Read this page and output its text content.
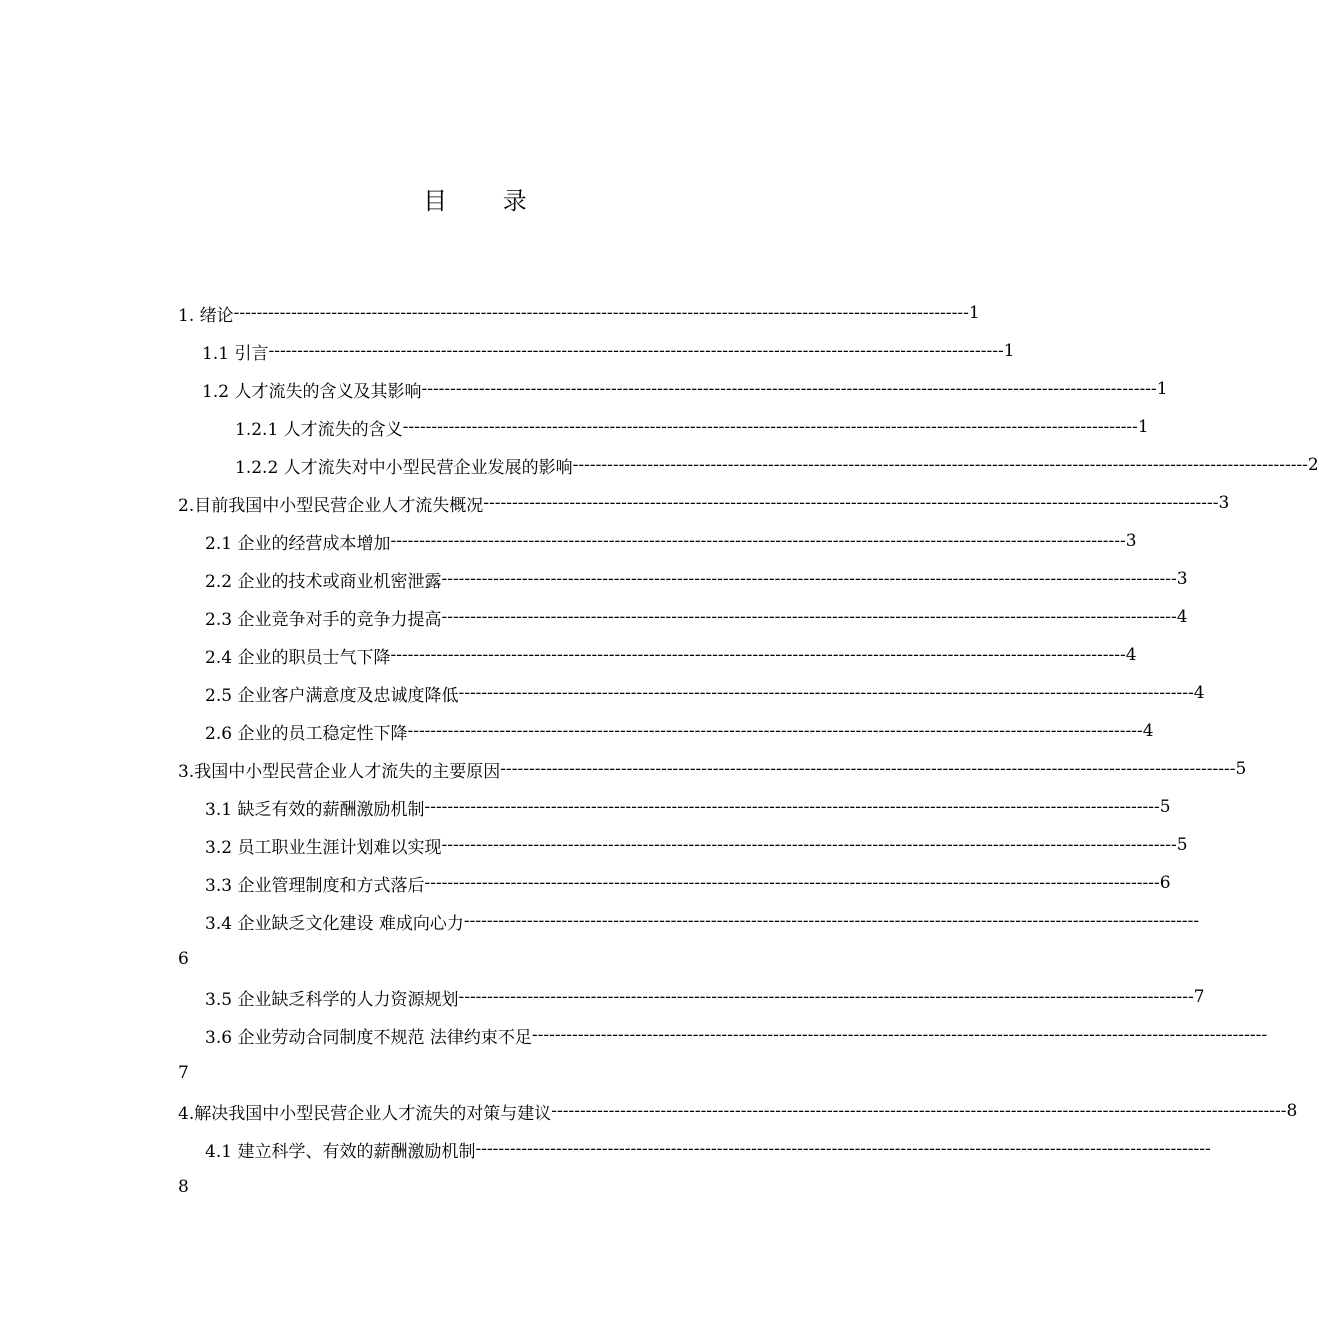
目 录
1. 绪论 -------------------------------------------------------------------------------------------------------------------------------- 1
1.1 引言 -------------------------------------------------------------------------------------------------------------------------------- 1
1.2 人才流失的含义及其影响 -------------------------------------------------------------------------------------------------------------------------------- 1
1.2.1 人才流失的含义 -------------------------------------------------------------------------------------------------------------------------------- 1
1.2.2 人才流失对中小型民营企业发展的影响 -------------------------------------------------------------------------------------------------------------------------------- 2
2.目前我国中小型民营企业人才流失概况 -------------------------------------------------------------------------------------------------------------------------------- 3
2.1 企业的经营成本增加 -------------------------------------------------------------------------------------------------------------------------------- 3
2.2 企业的技术或商业机密泄露 -------------------------------------------------------------------------------------------------------------------------------- 3
2.3 企业竞争对手的竞争力提高 -------------------------------------------------------------------------------------------------------------------------------- 4
2.4 企业的职员士气下降 -------------------------------------------------------------------------------------------------------------------------------- 4
2.5 企业客户满意度及忠诚度降低 -------------------------------------------------------------------------------------------------------------------------------- 4
2.6 企业的员工稳定性下降 -------------------------------------------------------------------------------------------------------------------------------- 4
3.我国中小型民营企业人才流失的主要原因 -------------------------------------------------------------------------------------------------------------------------------- 5
3.1 缺乏有效的薪酬激励机制 -------------------------------------------------------------------------------------------------------------------------------- 5
3.2 员工职业生涯计划难以实现 -------------------------------------------------------------------------------------------------------------------------------- 5
3.3 企业管理制度和方式落后 -------------------------------------------------------------------------------------------------------------------------------- 6
3.4 企业缺乏文化建设 难成向心力 --------------------------------------------------------------------------------------------------------------------------------
6
3.5 企业缺乏科学的人力资源规划 -------------------------------------------------------------------------------------------------------------------------------- 7
3.6 企业劳动合同制度不规范 法律约束不足 --------------------------------------------------------------------------------------------------------------------------------
7
4.解决我国中小型民营企业人才流失的对策与建议 -------------------------------------------------------------------------------------------------------------------------------- 8
4.1 建立科学、有效的薪酬激励机制 --------------------------------------------------------------------------------------------------------------------------------
8
